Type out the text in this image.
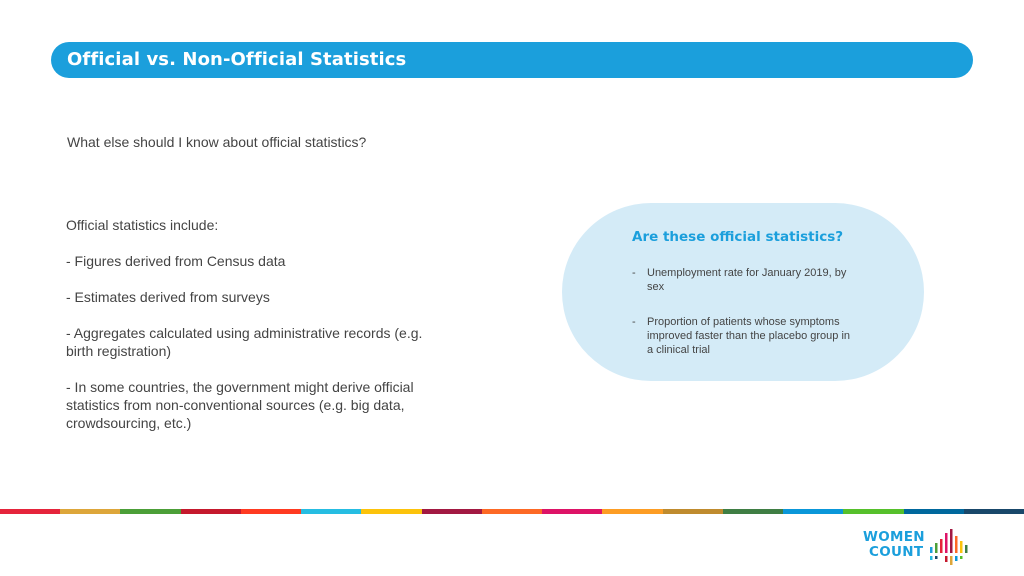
Official vs. Non-Official Statistics
What else should I know about official statistics?

Official statistics include:

- Figures derived from Census data

- Estimates derived from surveys

- Aggregates calculated using administrative records (e.g. birth registration)

- In some countries, the government might derive official statistics from non-conventional sources (e.g. big data, crowdsourcing, etc.)

Are these official statistics?
-	Unemployment rate for January 2019, by sex
-	Proportion of patients whose symptoms improved faster than the placebo group in a clinical trial
WOMEN
COUNT
